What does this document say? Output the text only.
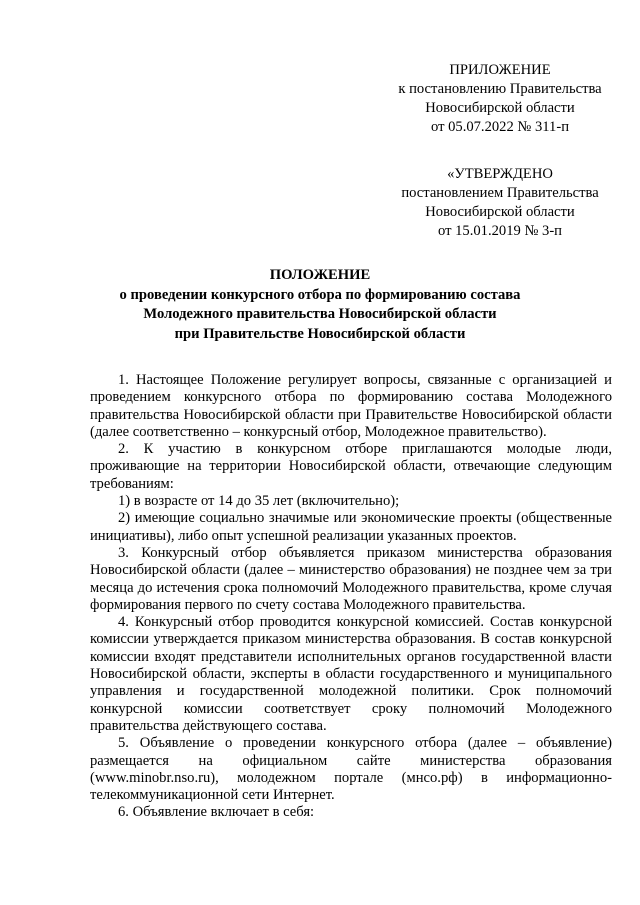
ПРИЛОЖЕНИЕ
к постановлению Правительства
Новосибирской области
от 05.07.2022 № 311-п
«УТВЕРЖДЕНО
постановлением Правительства
Новосибирской области
от 15.01.2019 № 3-п
ПОЛОЖЕНИЕ
о проведении конкурсного отбора по формированию состава
Молодежного правительства Новосибирской области
при Правительстве Новосибирской области

1. Настоящее Положение регулирует вопросы, связанные с организацией и проведением конкурсного отбора по формированию состава Молодежного правительства Новосибирской области при Правительстве Новосибирской области (далее соответственно – конкурсный отбор, Молодежное правительство).

2. К участию в конкурсном отборе приглашаются молодые люди, проживающие на территории Новосибирской области, отвечающие следующим требованиям:

1) в возрасте от 14 до 35 лет (включительно);

2) имеющие социально значимые или экономические проекты (общественные инициативы), либо опыт успешной реализации указанных проектов.

3. Конкурсный отбор объявляется приказом министерства образования Новосибирской области (далее – министерство образования) не позднее чем за три месяца до истечения срока полномочий Молодежного правительства, кроме случая формирования первого по счету состава Молодежного правительства.

4. Конкурсный отбор проводится конкурсной комиссией. Состав конкурсной комиссии утверждается приказом министерства образования. В состав конкурсной комиссии входят представители исполнительных органов государственной власти Новосибирской области, эксперты в области государственного и муниципального управления и государственной молодежной политики. Срок полномочий конкурсной комиссии соответствует сроку полномочий Молодежного правительства действующего состава.

5. Объявление о проведении конкурсного отбора (далее – объявление) размещается на официальном сайте министерства образования (www.minobr.nso.ru), молодежном портале (мнсо.рф) в информационно-телекоммуникационной сети Интернет.

6. Объявление включает в себя:
